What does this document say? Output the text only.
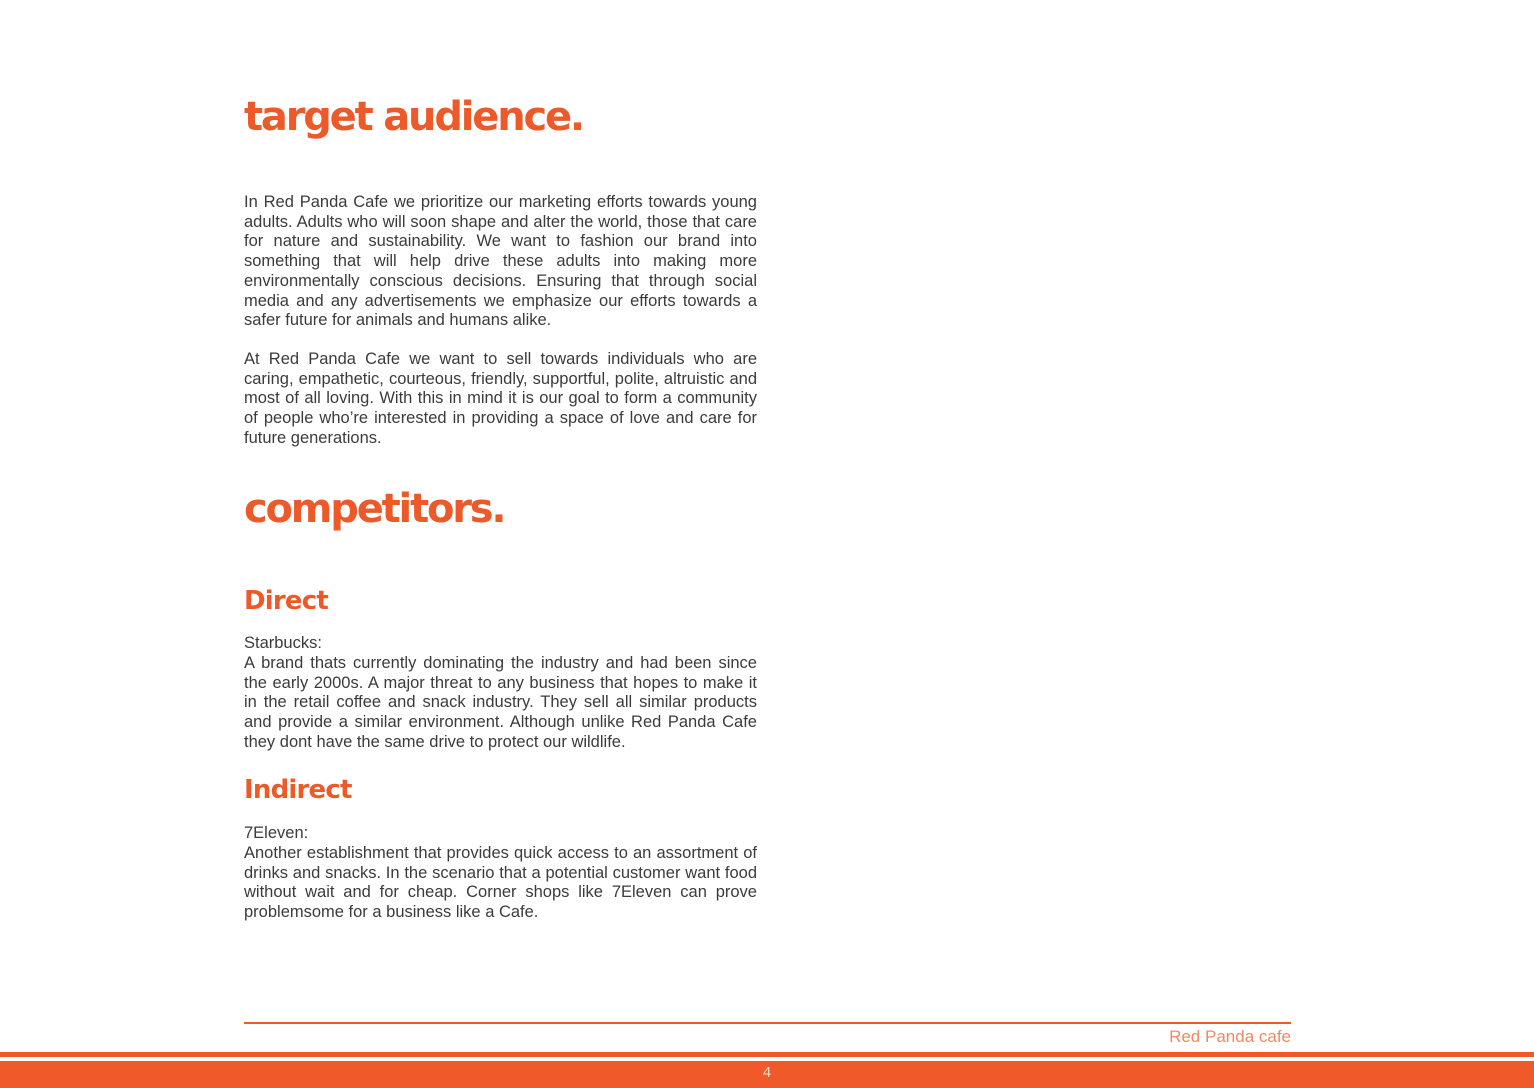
target audience.

In Red Panda Cafe we prioritize our marketing efforts towards young adults. Adults who will soon shape and alter the world, those that care for nature and sustainability. We want to fashion our brand into something that will help drive these adults into making more environmentally conscious decisions. Ensuring that through social media and any advertisements we emphasize our efforts towards a safer future for animals and humans alike.

At Red Panda Cafe we want to sell towards individuals who are caring, empathetic, courteous, friendly, supportful, polite, altruistic and most of all loving. With this in mind it is our goal to form a community of people who’re interested in providing a space of love and care for future generations.

competitors.
Direct

Starbucks:

A brand thats currently dominating the industry and had been since the early 2000s. A major threat to any business that hopes to make it in the retail coffee and snack industry. They sell all similar products and provide a similar environment. Although unlike Red Panda Cafe they dont have the same drive to protect our wildlife.

Indirect

7Eleven:

Another establishment that provides quick access to an assortment of drinks and snacks. In the scenario that a potential customer want food without wait and for cheap. Corner shops like 7Eleven can prove problemsome for a business like a Cafe.

Red Panda cafe
4
